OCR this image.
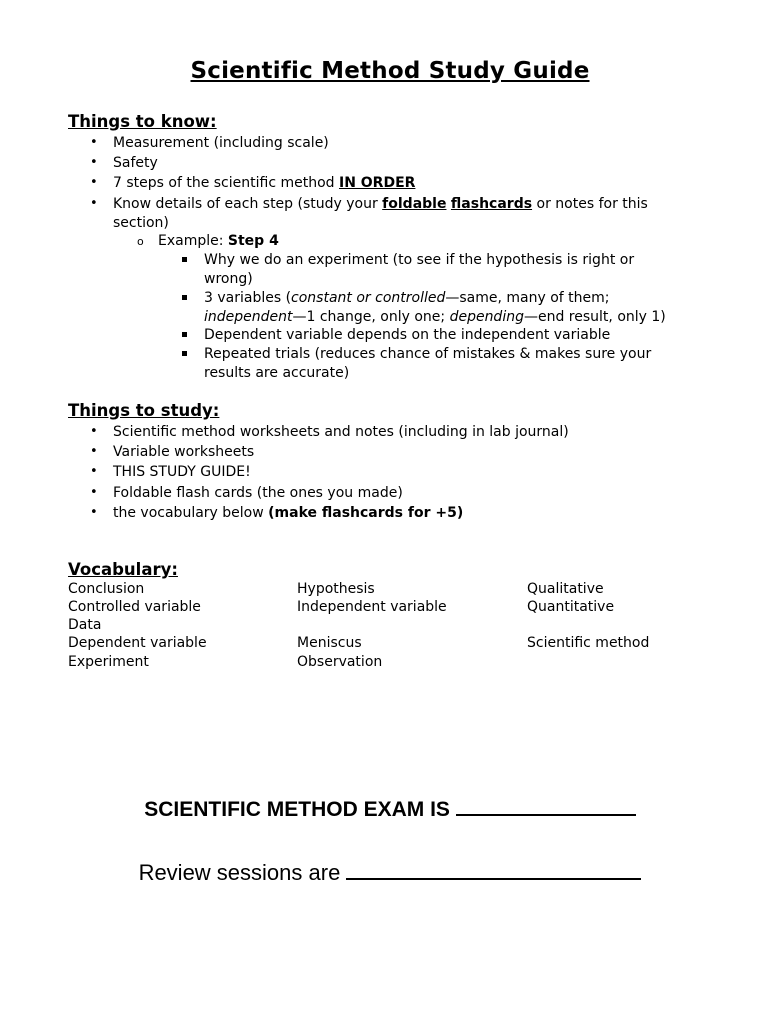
Scientific Method Study Guide
Things to know:
• Measurement (including scale)
• Safety
• 7 steps of the scientific method IN ORDER
• Know details of each step (study your foldable flashcards or notes for this
section)
o Example: Step 4
Why we do an experiment (to see if the hypothesis is right or
wrong)
3 variables (constant or controlled—same, many of them;
independent—1 change, only one; depending—end result, only 1)
Dependent variable depends on the independent variable
Repeated trials (reduces chance of mistakes & makes sure your
results are accurate)
Things to study:
• Scientific method worksheets and notes (including in lab journal)
• Variable worksheets
• THIS STUDY GUIDE!
• Foldable flash cards (the ones you made)
• the vocabulary below (make flashcards for +5)
Vocabulary:
Conclusion
Controlled variable
Data
Dependent variable
Experiment
Hypothesis
Independent variable
Meniscus
Observation
Qualitative
Quantitative
Scientific method
SCIENTIFIC METHOD EXAM IS
Review sessions are
